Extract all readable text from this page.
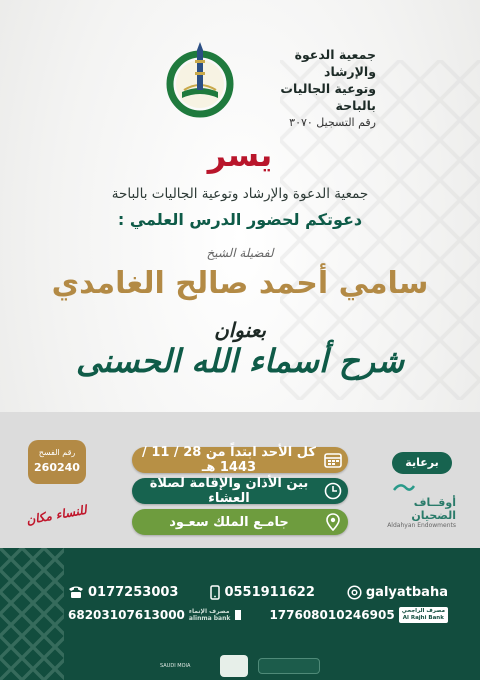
جمعية الدعوة والإرشاد
وتوعية الجاليات بالباحة
رقم التسجيل ٣٠٧٠
يسر
جمعية الدعوة والإرشاد وتوعية الجاليات بالباحة
دعوتكم لحضور الدرس العلمي :
لفضيلة الشيخ
سامي أحمد صالح الغامدي
بعنوان
شرح أسماء الله الحسنى
كل الأحد ابتداً من 28 / 11 / 1443 هـ
بين الأذان والإقامة لصلاة العشاء
جامـع الملك سعـود
رقم الفسح
260240
للنساء مكان
برعاية
أوقــاف الضحيان
Aldahyan Endowments
0177253003	0551911622	galyatbaha
68203107613000 مصرف الإنماء
alinma bank	177608010246905	مصرف الراجحي
Al Rajhi Bank
SAUDI MOIA
